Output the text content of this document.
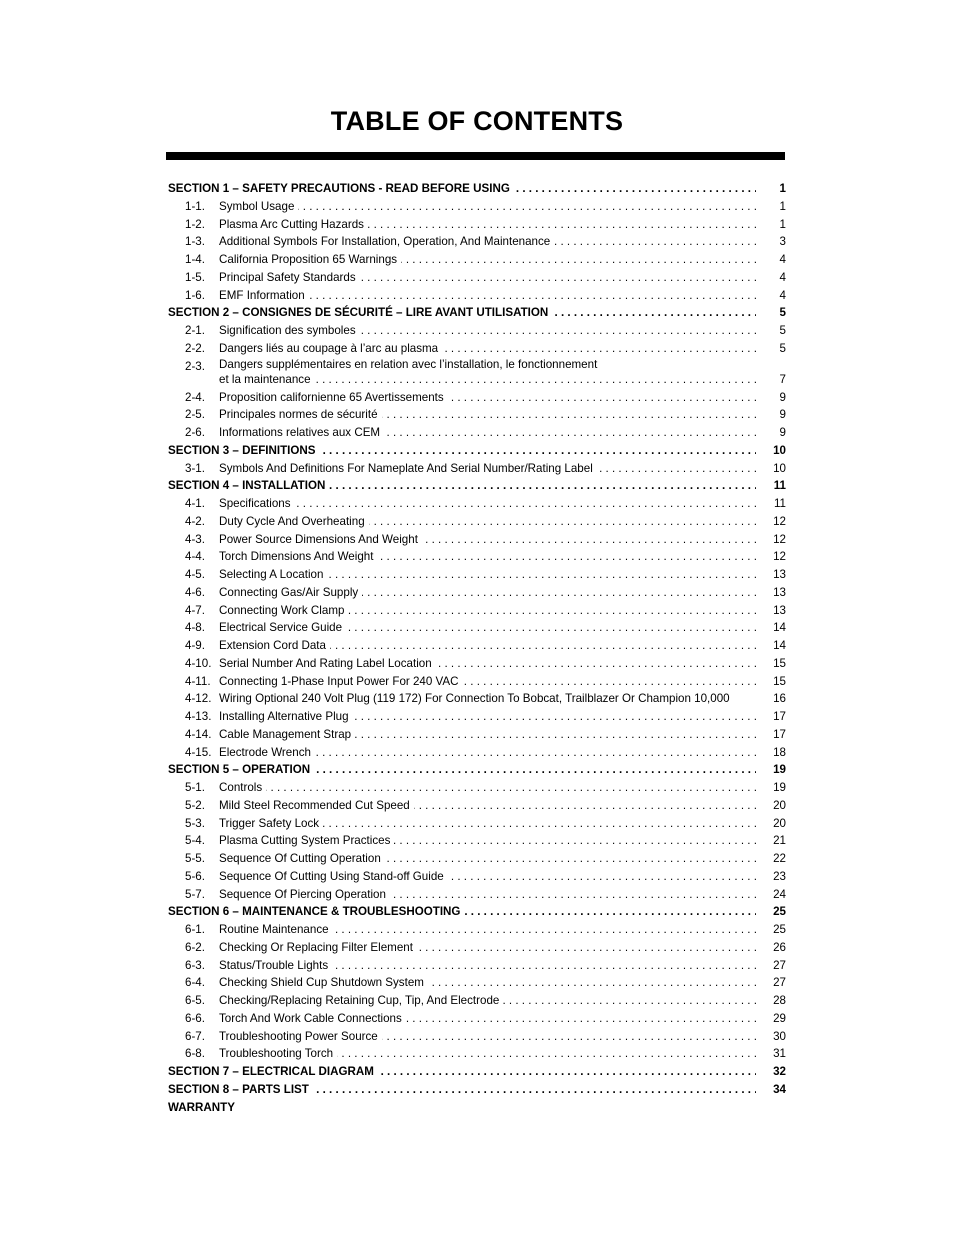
TABLE OF CONTENTS
. . .
SECTION 1 – SAFETY PRECAUTIONS - READ BEFORE USING	1
1-1. . . . Symbol Usage	1
1-2. . . . Plasma Arc Cutting Hazards	1
1-3. . . . Additional Symbols For Installation, Operation, And Maintenance	3
1-4. . . . California Proposition 65 Warnings	4
1-5. . . . Principal Safety Standards	4
1-6. . . . EMF Information	4
. . .
SECTION 2 – CONSIGNES DE SÉCURITÉ – LIRE AVANT UTILISATION	5
2-1. . . . Signification des symboles	5
2-2. . . . Dangers liés au coupage à l’arc au plasma	5
2-3.
. . . Dangers supplémentaires en relation avec l’installation, le fonctionnement
et la maintenance	7
2-4. . . . Proposition californienne 65 Avertissements	9
2-5. . . . Principales normes de sécurité	9
2-6. . . . Informations relatives aux CEM	9
. . .
SECTION 3 – DEFINITIONS	10
3-1. . . . Symbols And Definitions For Nameplate And Serial Number/Rating Label	10
. . .
SECTION 4 – INSTALLATION	11
4-1. . . . Specifications	11
4-2. . . . Duty Cycle And Overheating	12
4-3. . . . Power Source Dimensions And Weight	12
4-4. . . . Torch Dimensions And Weight	12
4-5. . . . Selecting A Location	13
4-6. . . . Connecting Gas/Air Supply	13
4-7. . . . Connecting Work Clamp	13
4-8. . . . Electrical Service Guide	14
4-9. . . . Extension Cord Data	14
4-10. . . . Serial Number And Rating Label Location	15
4-11. . . . Connecting 1-Phase Input Power For 240 VAC	15
4-12. Wiring Optional 240 Volt Plug (119 172) For Connection To Bobcat, Trailblazer Or Champion 10,000	16
4-13. . . . Installing Alternative Plug	17
4-14. . . . Cable Management Strap	17
4-15. . . . Electrode Wrench	18
. . .
SECTION 5 – OPERATION	19
5-1. . . . Controls	19
5-2. . . . Mild Steel Recommended Cut Speed	20
5-3. . . . Trigger Safety Lock	20
5-4. . . . Plasma Cutting System Practices	21
5-5. . . . Sequence Of Cutting Operation	22
5-6. . . . Sequence Of Cutting Using Stand-off Guide	23
5-7. . . . Sequence Of Piercing Operation	24
. . .
SECTION 6 – MAINTENANCE & TROUBLESHOOTING	25
6-1. . . . Routine Maintenance	25
6-2. . . . Checking Or Replacing Filter Element	26
6-3. . . . Status/Trouble Lights	27
6-4. . . . Checking Shield Cup Shutdown System	27
6-5. . . . Checking/Replacing Retaining Cup, Tip, And Electrode	28
6-6. . . . Torch And Work Cable Connections	29
6-7. . . . Troubleshooting Power Source	30
6-8. . . . Troubleshooting Torch	31
. . .
SECTION 7 – ELECTRICAL DIAGRAM	32
. . .
SECTION 8 – PARTS LIST	34
WARRANTY
